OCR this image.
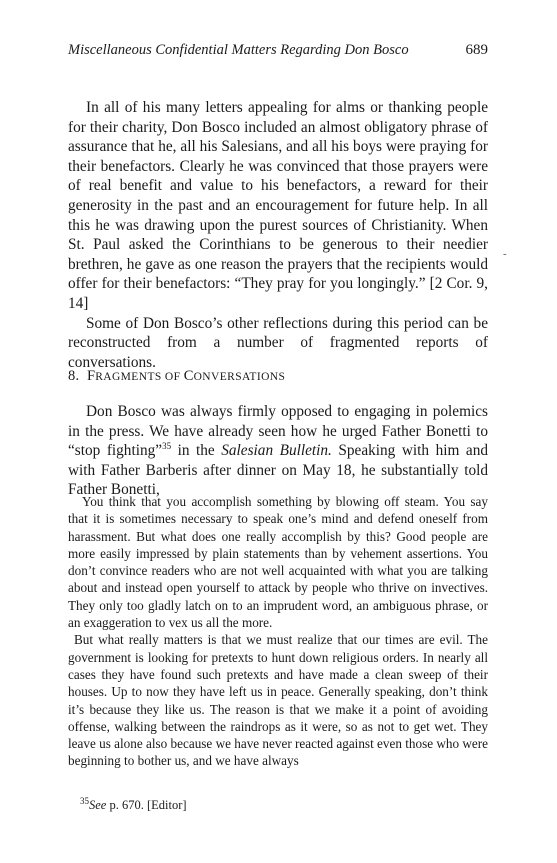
Miscellaneous Confidential Matters Regarding Don Bosco	689

In all of his many letters appealing for alms or thanking people for their charity, Don Bosco included an almost obligatory phrase of assurance that he, all his Salesians, and all his boys were praying for their benefactors. Clearly he was convinced that those prayers were of real benefit and value to his benefactors, a reward for their generosity in the past and an encouragement for future help. In all this he was drawing upon the purest sources of Christianity. When St. Paul asked the Corinthians to be generous to their needier brethren, he gave as one reason the prayers that the recipients would offer for their benefactors: “They pray for you longingly.” [2 Cor. 9, 14]

Some of Don Bosco’s other reflections during this period can be reconstructed from a number of fragmented reports of conversations.

-
8. FRAGMENTS OF CONVERSATIONS

Don Bosco was always firmly opposed to engaging in polemics in the press. We have already seen how he urged Father Bonetti to “stop fighting”$^{35}$ in the Salesian Bulletin. Speaking with him and with Father Barberis after dinner on May 18, he substantially told Father Bonetti,

You think that you accomplish something by blowing off steam. You say that it is sometimes necessary to speak one’s mind and defend oneself from harassment. But what does one really accomplish by this? Good people are more easily impressed by plain statements than by vehement assertions. You don’t convince readers who are not well acquainted with what you are talking about and instead open yourself to attack by people who thrive on invectives. They only too gladly latch on to an imprudent word, an ambiguous phrase, or an exaggeration to vex us all the more.

But what really matters is that we must realize that our times are evil. The government is looking for pretexts to hunt down religious orders. In nearly all cases they have found such pretexts and have made a clean sweep of their houses. Up to now they have left us in peace. Generally speaking, don’t think it’s because they like us. The reason is that we make it a point of avoiding offense, walking between the raindrops as it were, so as not to get wet. They leave us alone also because we have never reacted against even those who were beginning to bother us, and we have always

$^{35}$See p. 670. [Editor]
